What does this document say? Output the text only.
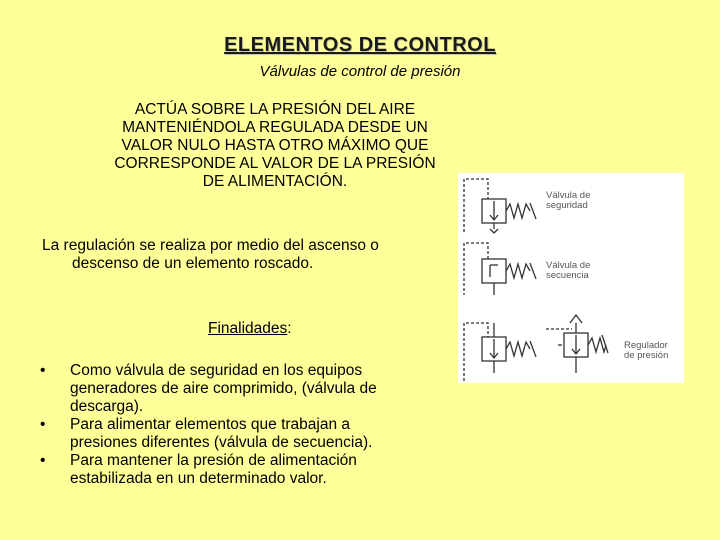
ELEMENTOS DE CONTROL
Válvulas de control de presión
ACTÚA SOBRE LA PRESIÓN DEL AIRE
MANTENIÉNDOLA REGULADA DESDE UN
VALOR NULO HASTA OTRO MÁXIMO QUE
CORRESPONDE AL VALOR DE LA PRESIÓN
DE ALIMENTACIÓN.
La regulación se realiza por medio del ascenso o
descenso de un elemento roscado.
Finalidades:
• Como válvula de seguridad en los equipos
generadores de aire comprimido, (válvula de
descarga).
• Para alimentar elementos que trabajan a
presiones diferentes (válvula de secuencia).
• Para mantener la presión de alimentación
estabilizada en un determinado valor.
Válvula de
seguridad
Válvula de
secuencia
Regulador
de presión
